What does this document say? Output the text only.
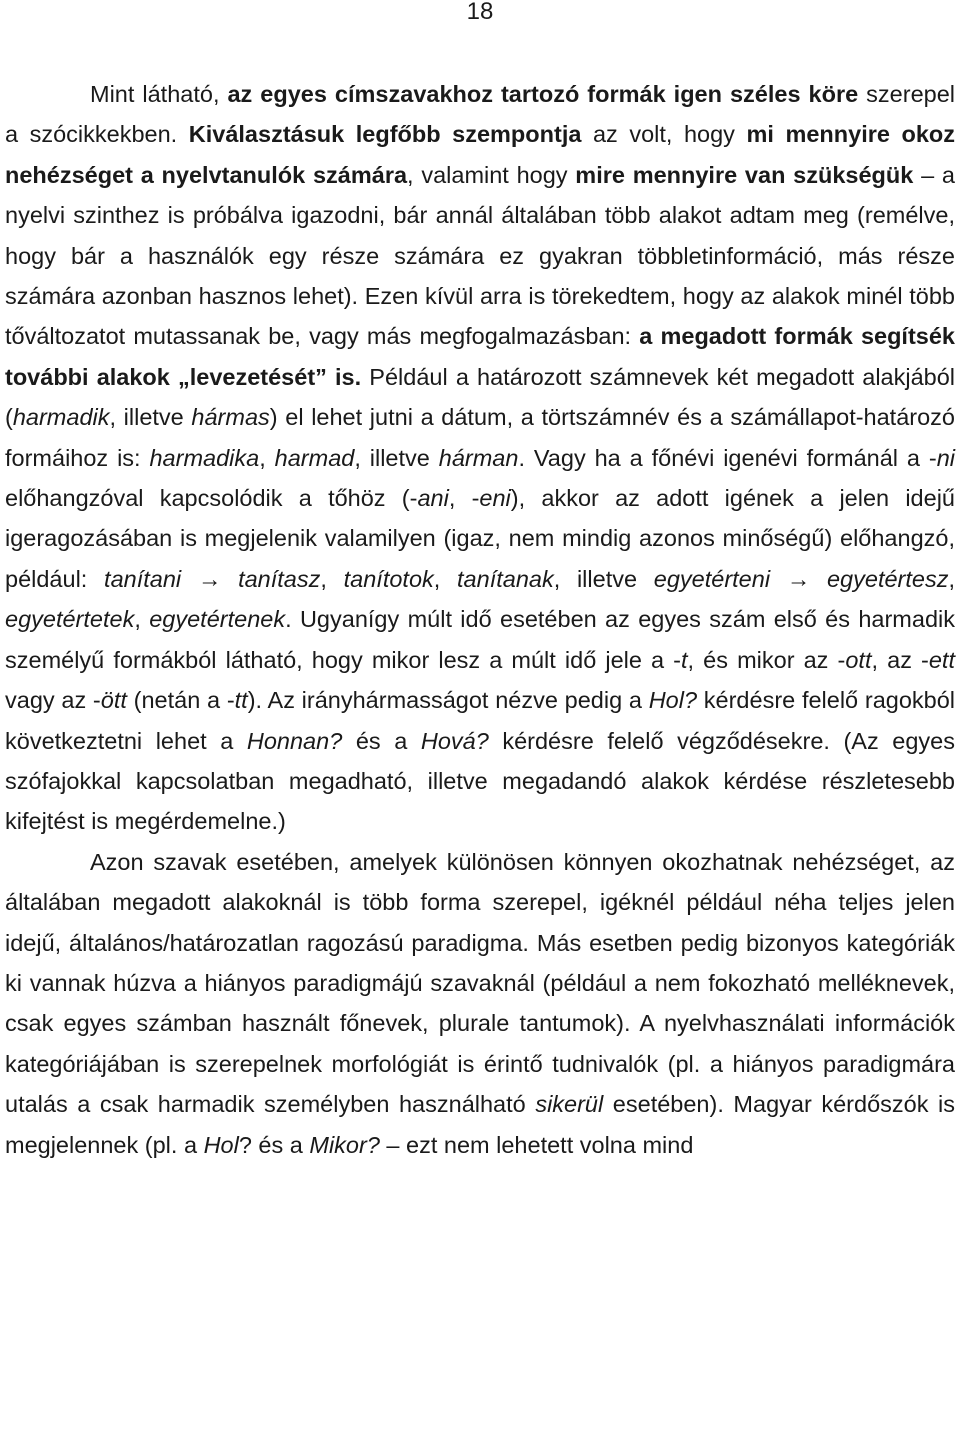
18

Mint látható, az egyes címszavakhoz tartozó formák igen széles köre szerepel a szócikkekben. Kiválasztásuk legfőbb szempontja az volt, hogy mi mennyire okoz nehézséget a nyelvtanulók számára, valamint hogy mire mennyire van szükségük – a nyelvi szinthez is próbálva igazodni, bár annál általában több alakot adtam meg (remélve, hogy bár a használók egy része számára ez gyakran többletinformáció, más része számára azonban hasznos lehet). Ezen kívül arra is törekedtem, hogy az alakok minél több tőváltozatot mutassanak be, vagy más megfogalmazásban: a megadott formák segítsék további alakok „levezetését” is. Például a határozott számnevek két megadott alakjából (harmadik, illetve hármas) el lehet jutni a dátum, a törtszámnév és a számállapot-határozó formáihoz is: harmadika, harmad, illetve hárman. Vagy ha a főnévi igenévi formánál a -ni előhangzóval kapcsolódik a tőhöz (-ani, -eni), akkor az adott igének a jelen idejű igeragozásában is megjelenik valamilyen (igaz, nem mindig azonos minőségű) előhangzó, például: tanítani → tanítasz, tanítotok, tanítanak, illetve egyetérteni → egyetértesz, egyetértetek, egyetértenek. Ugyanígy múlt idő esetében az egyes szám első és harmadik személyű formákból látható, hogy mikor lesz a múlt idő jele a -t, és mikor az -ott, az -ett vagy az -ött (netán a -tt). Az irányhármasságot nézve pedig a Hol? kérdésre felelő ragokból következtetni lehet a Honnan? és a Hová? kérdésre felelő végződésekre. (Az egyes szófajokkal kapcsolatban megadható, illetve megadandó alakok kérdése részletesebb kifejtést is megérdemelne.)

Azon szavak esetében, amelyek különösen könnyen okozhatnak nehézséget, az általában megadott alakoknál is több forma szerepel, igéknél például néha teljes jelen idejű, általános/határozatlan ragozású paradigma. Más esetben pedig bizonyos kategóriák ki vannak húzva a hiányos paradigmájú szavaknál (például a nem fokozható melléknevek, csak egyes számban használt főnevek, plurale tantumok). A nyelvhasználati információk kategóriájában is szerepelnek morfológiát is érintő tudnivalók (pl. a hiányos paradigmára utalás a csak harmadik személyben használható sikerül esetében). Magyar kérdőszók is megjelennek (pl. a Hol? és a Mikor? – ezt nem lehetett volna mind
